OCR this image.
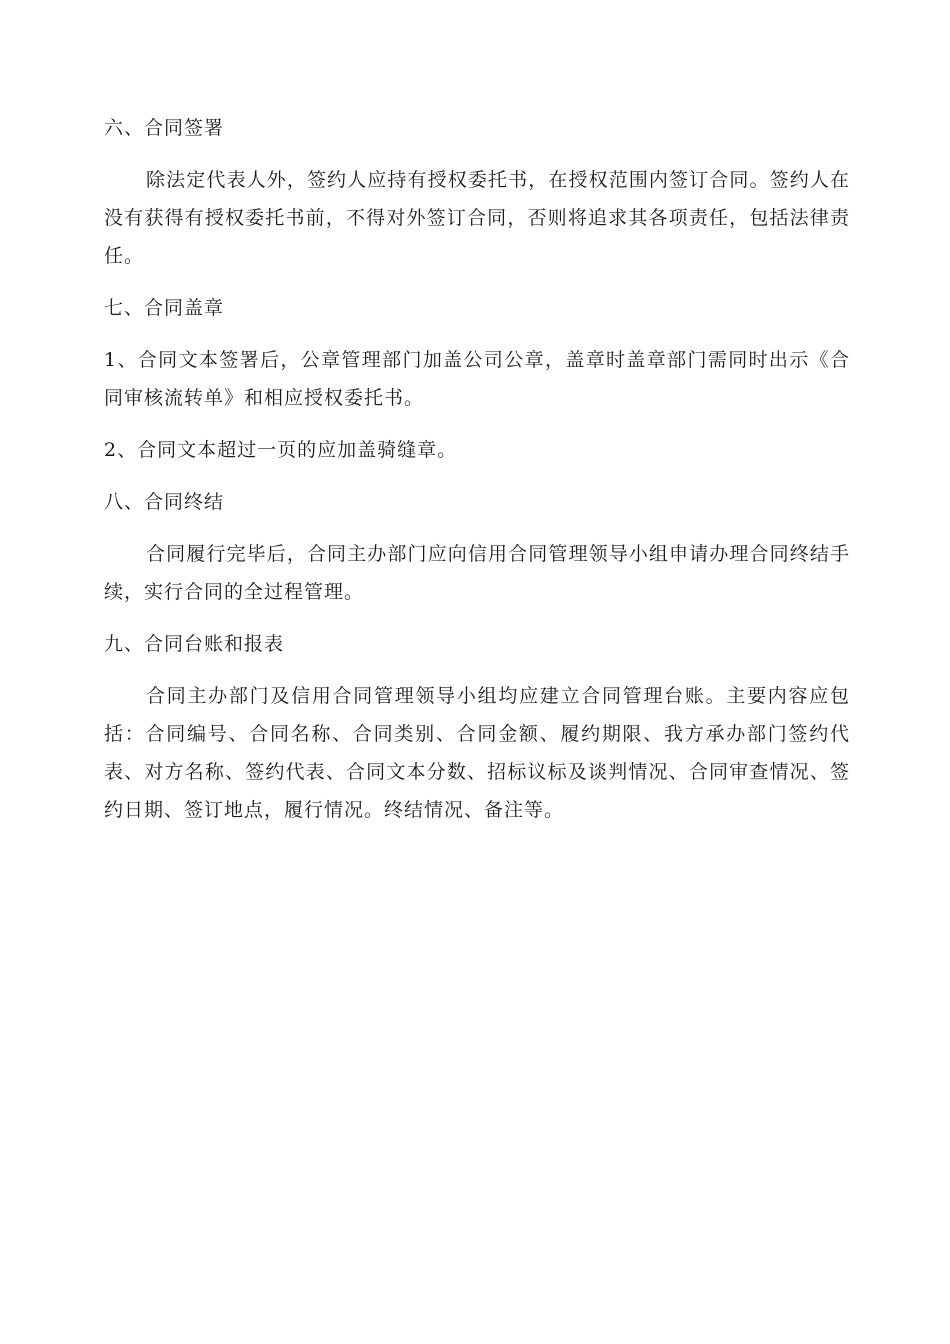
六、合同签署
除法定代表人外，签约人应持有授权委托书，在授权范围内签订合同。签约人在没有获得有授权委托书前，不得对外签订合同，否则将追求其各项责任，包括法律责任。
七、合同盖章
1、合同文本签署后，公章管理部门加盖公司公章，盖章时盖章部门需同时出示《合同审核流转单》和相应授权委托书。
2、合同文本超过一页的应加盖骑缝章。
八、合同终结
合同履行完毕后，合同主办部门应向信用合同管理领导小组申请办理合同终结手续，实行合同的全过程管理。
九、合同台账和报表
合同主办部门及信用合同管理领导小组均应建立合同管理台账。主要内容应包括：合同编号、合同名称、合同类别、合同金额、履约期限、我方承办部门签约代表、对方名称、签约代表、合同文本分数、招标议标及谈判情况、合同审查情况、签约日期、签订地点，履行情况。终结情况、备注等。
